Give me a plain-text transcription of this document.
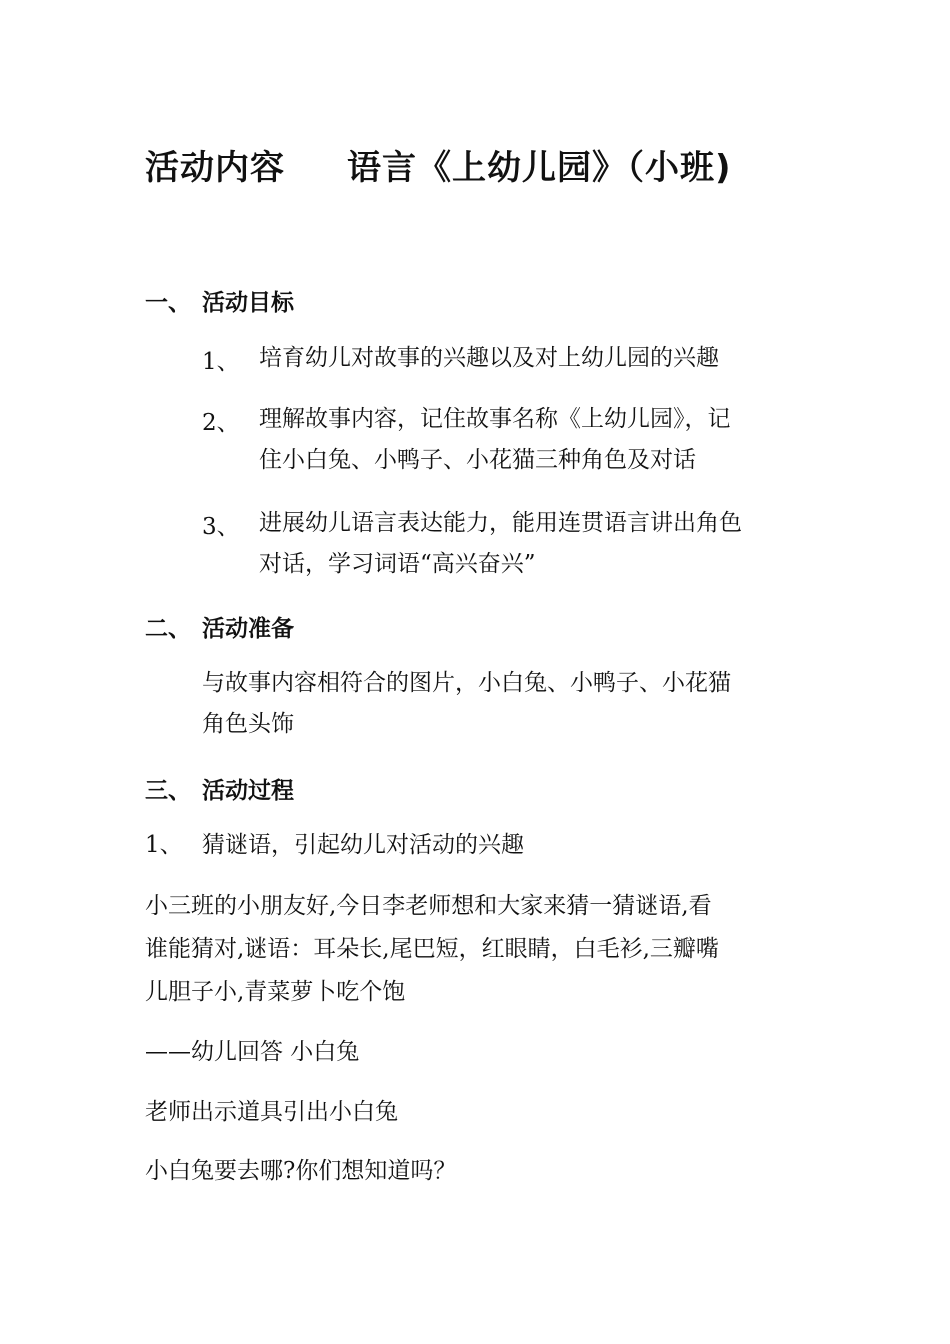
活动内容 语言《上幼儿园》（小班)
一、 活动目标
1、 培育幼儿对故事的兴趣以及对上幼儿园的兴趣
2、 理解故事内容，记住故事名称《上幼儿园》，记
住小白兔、小鸭子、小花猫三种角色及对话
3、 进展幼儿语言表达能力，能用连贯语言讲出角色
对话，学习词语“高兴奋兴”
二、 活动准备
与故事内容相符合的图片，小白兔、小鸭子、小花猫
角色头饰
三、 活动过程
1、 猜谜语，引起幼儿对活动的兴趣
小三班的小朋友好,今日李老师想和大家来猜一猜谜语,看
谁能猜对,谜语：耳朵长,尾巴短，红眼睛，白毛衫,三瓣嘴
儿胆子小,青菜萝卜吃个饱
——幼儿回答 小白兔
老师出示道具引出小白兔
小白兔要去哪?你们想知道吗？
